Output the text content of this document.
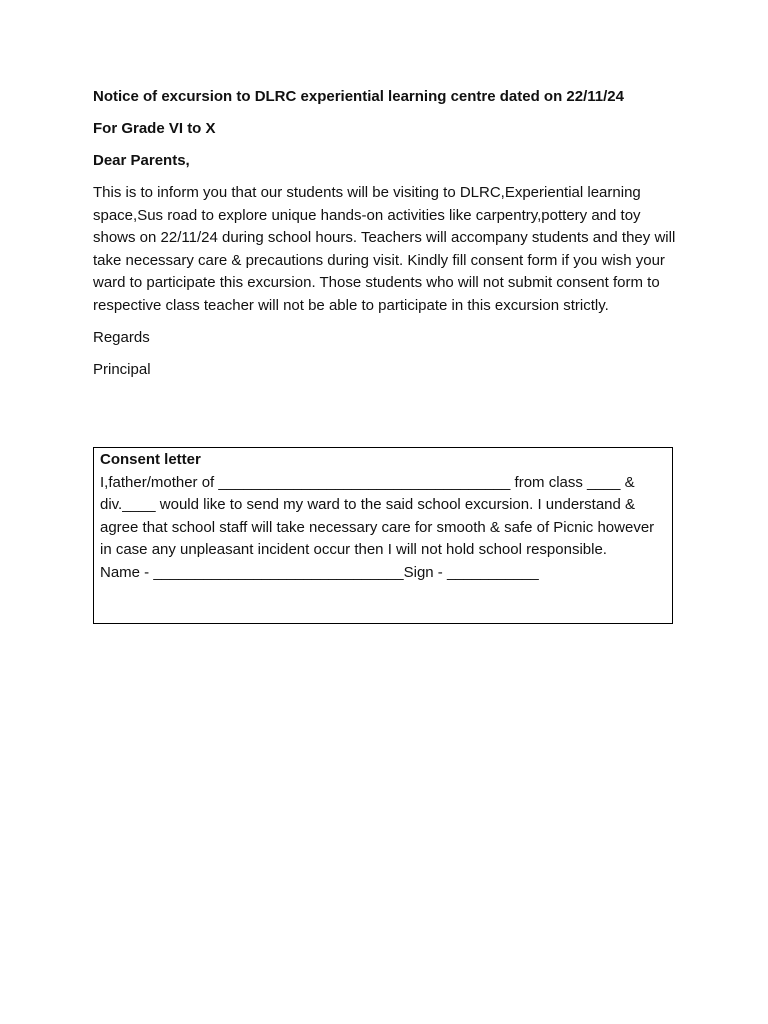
Notice of excursion to DLRC experiential learning centre dated on 22/11/24
For Grade VI to X
Dear Parents,
This is to inform you that our students will be visiting to DLRC,Experiential learning space,Sus road to explore unique hands-on activities like carpentry,pottery and toy shows on 22/11/24 during school hours. Teachers will accompany students and they will take necessary care & precautions during visit. Kindly fill consent form if you wish your ward to participate this excursion. Those students who will not submit consent form to respective class teacher will not be able to participate in this excursion strictly.
Regards
Principal
Consent letter
I,father/mother of ___________________________________ from class ____ & div.____ would like to send my ward to the said school excursion. I understand & agree that school staff will take necessary care for smooth & safe of Picnic however in case any unpleasant incident occur then I will not hold school responsible.
Name - ______________________________Sign - ___________
